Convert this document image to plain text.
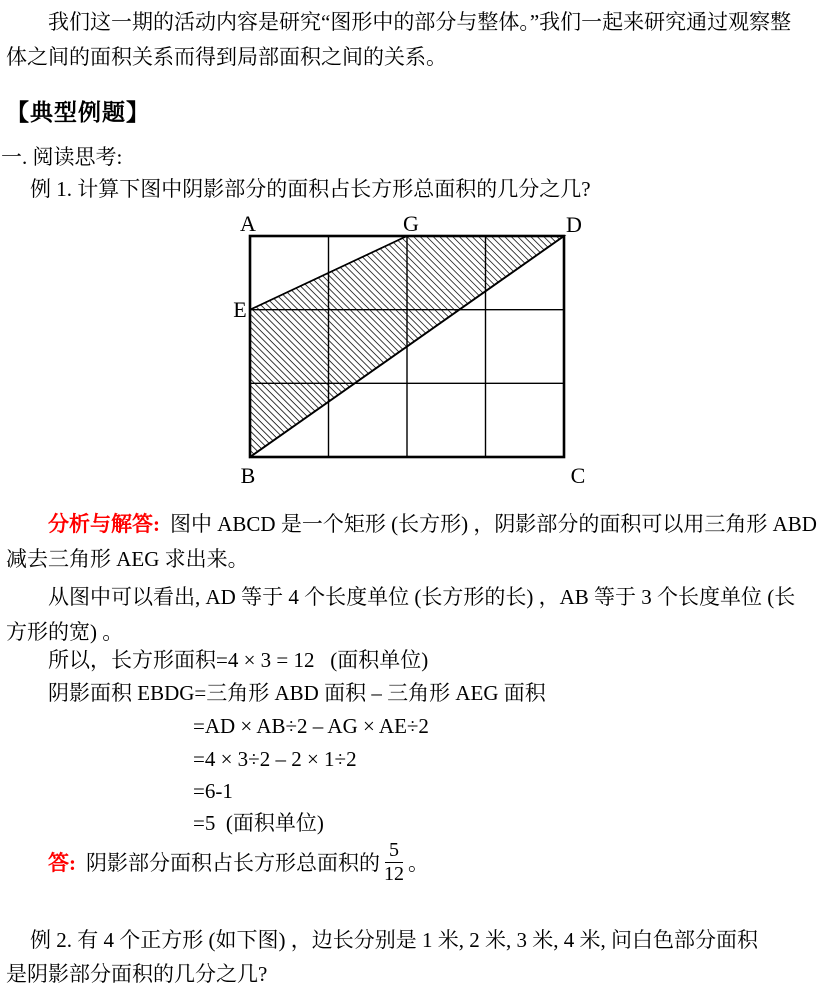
我们这一期的活动内容是研究“图形中的部分与整体。”我们一起来研究通过观察整
体之间的面积关系而得到局部面积之间的关系。
【典型例题】
一. 阅读思考:
例 1. 计算下图中阴影部分的面积占长方形总面积的几分之几?
A	G	D
E
B	C
分析与解答: 图中 ABCD 是一个矩形 (长方形) ，阴影部分的面积可以用三角形 ABD
减去三角形 AEG 求出来。
从图中可以看出, AD 等于 4 个长度单位 (长方形的长) ，AB 等于 3 个长度单位 (长
方形的宽) 。
所以，长方形面积=4 × 3 = 12   (面积单位)
阴影面积 EBDG=三角形 ABD 面积 – 三角形 AEG 面积
=AD × AB÷2 – AG × AE÷2
=4 × 3÷2 – 2 × 1÷2
=6-1
=5  (面积单位)
答: 阴影部分面积占长方形总面积的 $\frac{5}{12}$ 。
例 2. 有 4 个正方形 (如下图) ，边长分别是 1 米, 2 米, 3 米, 4 米, 问白色部分面积
是阴影部分面积的几分之几?
